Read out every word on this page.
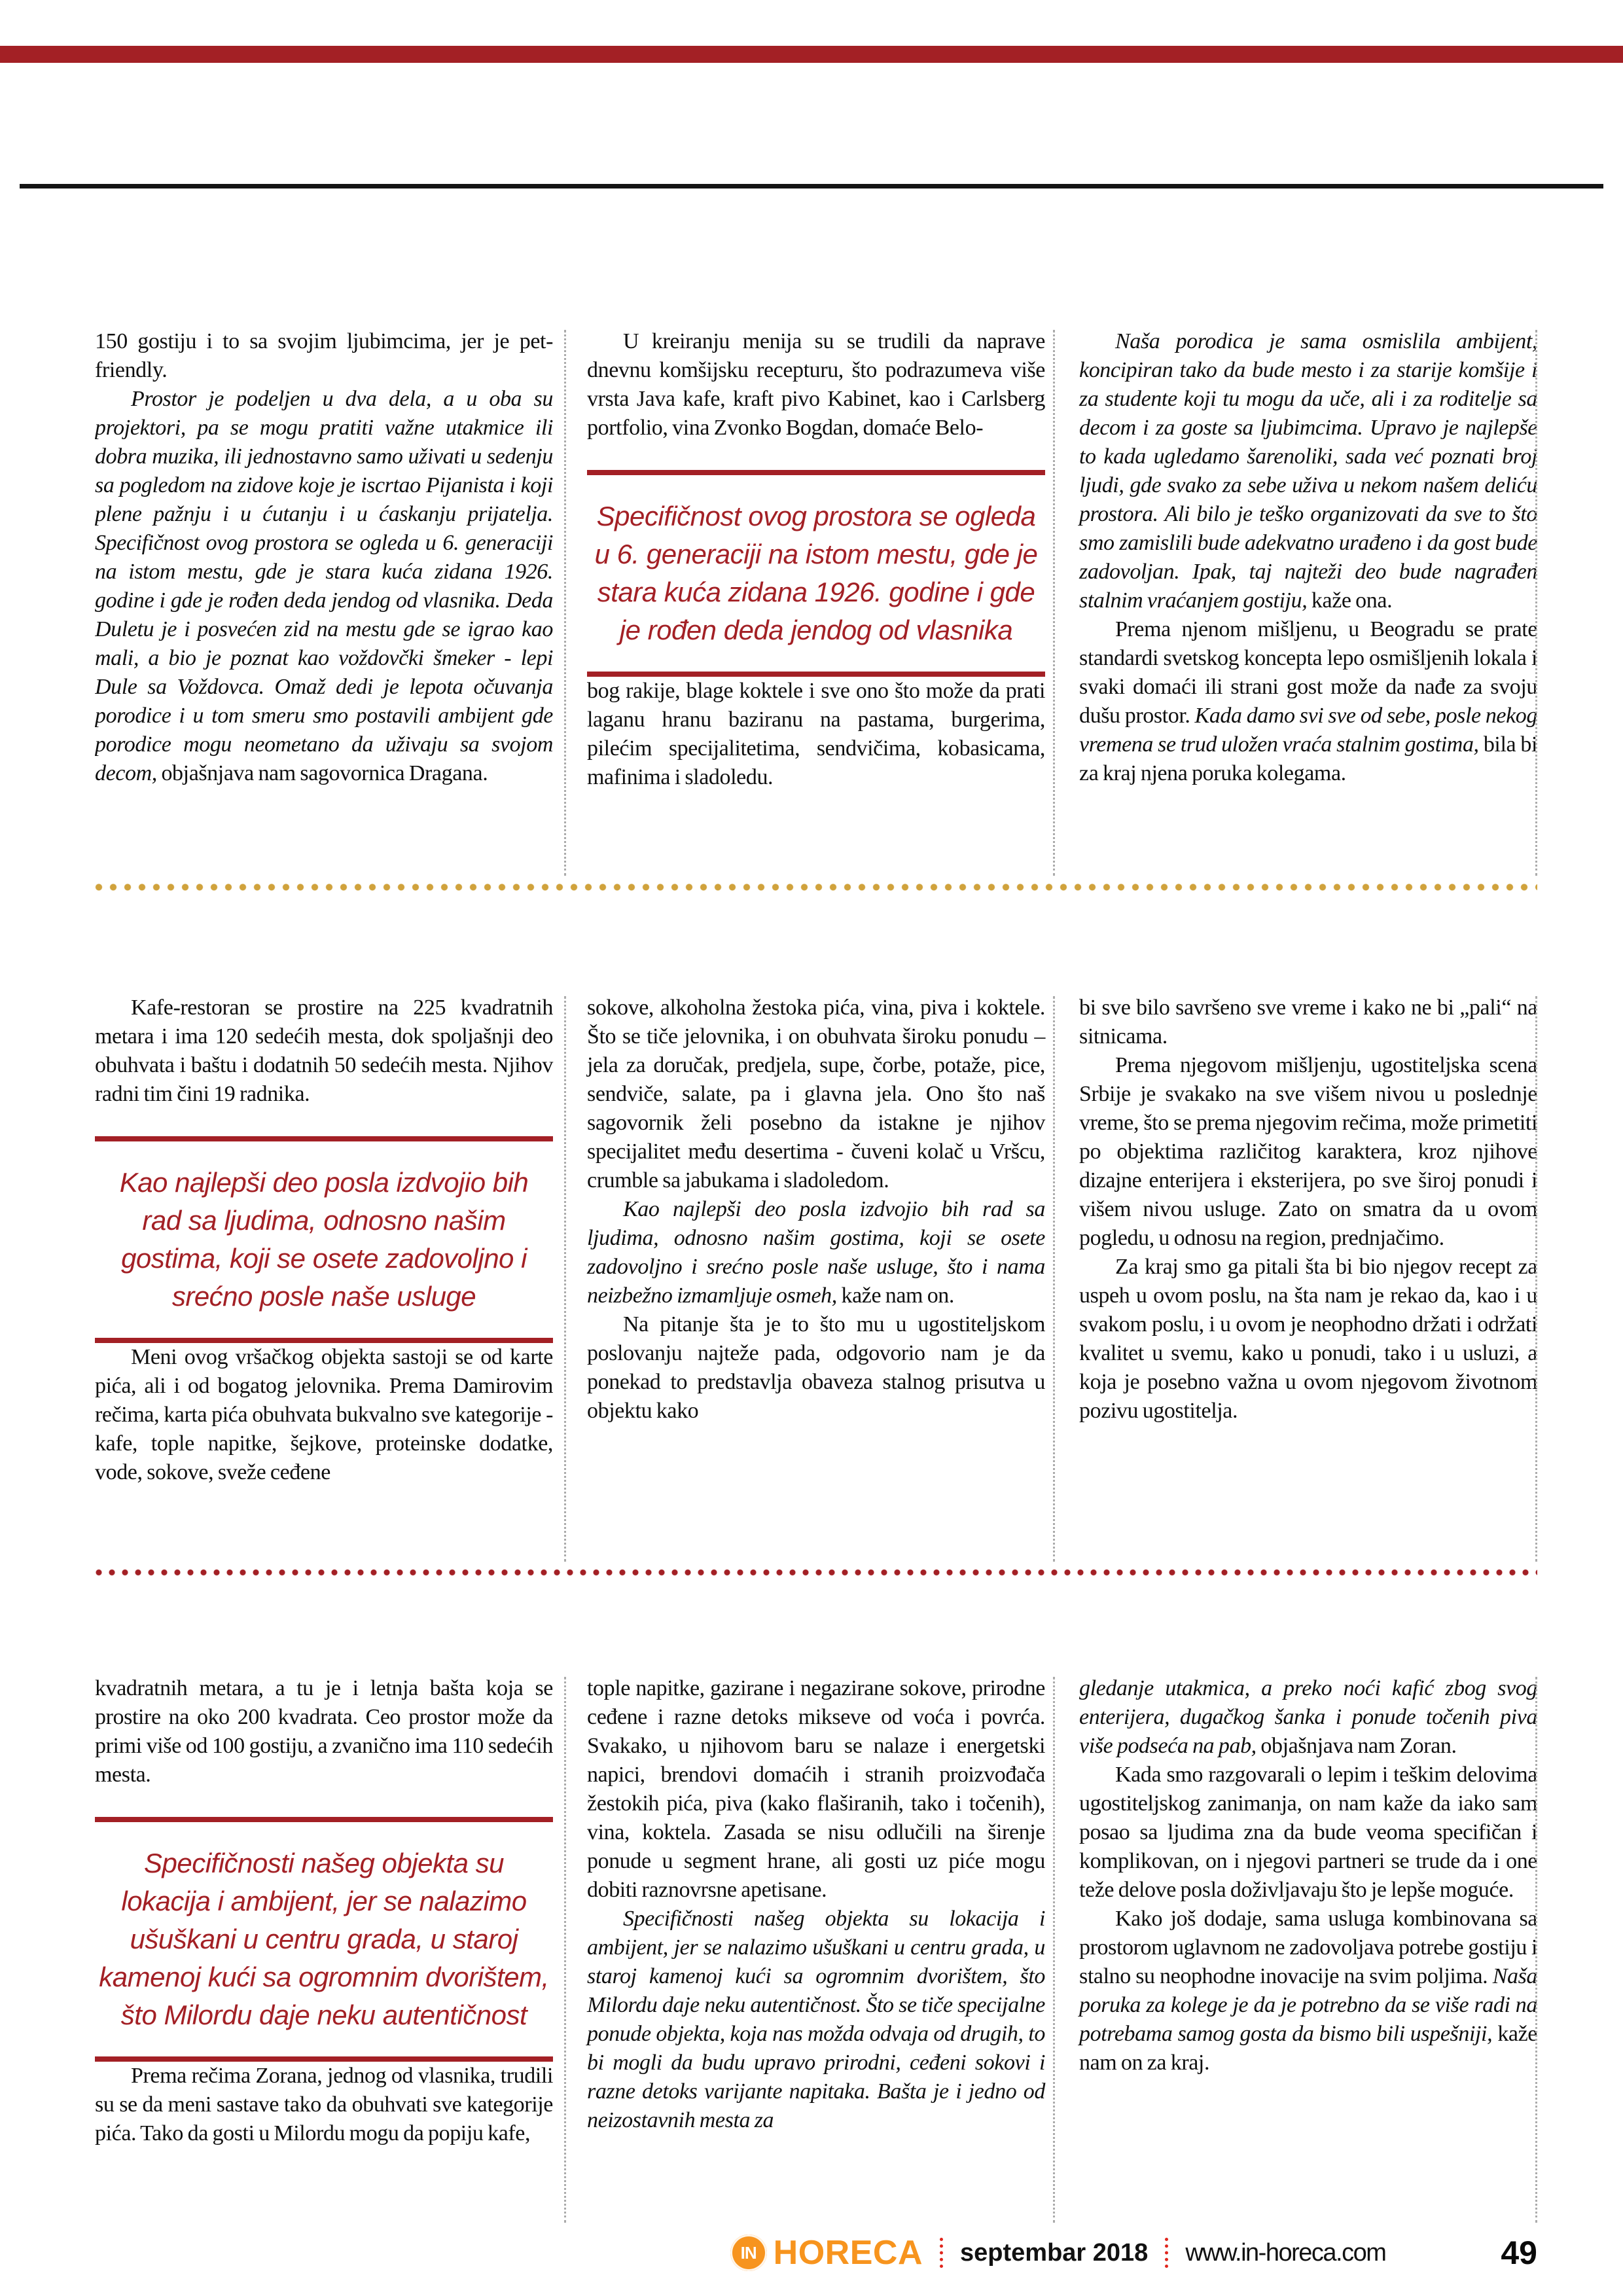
150 gostiju i to sa svojim ljubimcima, jer je pet-friendly.

Prostor je podeljen u dva dela, a u oba su projektori, pa se mogu pratiti važne utakmice ili dobra muzika, ili jednostavno samo uživati u sedenju sa pogledom na zidove koje je iscrtao Pijanista i koji plene pažnju i u ćutanju i u ćaskanju prijatelja. Specifičnost ovog prostora se ogleda u 6. generaciji na istom mestu, gde je stara kuća zidana 1926. godine i gde je rođen deda jendog od vlasnika. Deda Duletu je i posvećen zid na mestu gde se igrao kao mali, a bio je poznat kao voždovčki šmeker - lepi Dule sa Voždovca. Omaž dedi je lepota očuvanja porodice i u tom smeru smo postavili ambijent gde porodice mogu neometano da uživaju sa svojom decom, objašnjava nam sagovornica Dragana.

U kreiranju menija su se trudili da naprave dnevnu komšijsku recepturu, što podrazumeva više vrsta Java kafe, kraft pivo Kabinet, kao i Carlsberg portfolio, vina Zvonko Bogdan, domaće Belo-

Specifičnost ovog prostora se ogleda u 6. generaciji na istom mestu, gde je stara kuća zidana 1926. godine i gde je rođen deda jendog od vlasnika

bog rakije, blage koktele i sve ono što može da prati laganu hranu baziranu na pastama, burgerima, pilećim specijalitetima, sendvičima, kobasicama, mafinima i sladoledu.

Naša porodica je sama osmislila ambijent, koncipiran tako da bude mesto i za starije komšije i za studente koji tu mogu da uče, ali i za roditelje sa decom i za goste sa ljubimcima. Upravo je najlepše to kada ugledamo šarenoliki, sada već poznati broj ljudi, gde svako za sebe uživa u nekom našem deliću prostora. Ali bilo je teško organizovati da sve to što smo zamislili bude adekvatno urađeno i da gost bude zadovoljan. Ipak, taj najteži deo bude nagrađen stalnim vraćanjem gostiju, kaže ona.

Prema njenom mišljenu, u Beogradu se prate standardi svetskog koncepta lepo osmišljenih lokala i svaki domaći ili strani gost može da nađe za svoju dušu prostor. Kada damo svi sve od sebe, posle nekog vremena se trud uložen vraća stalnim gostima, bila bi za kraj njena poruka kolegama.

Kafe-restoran se prostire na 225 kvadratnih metara i ima 120 sedećih mesta, dok spoljašnji deo obuhvata i baštu i dodatnih 50 sedećih mesta. Njihov radni tim čini 19 radnika.

Kao najlepši deo posla izdvojio bih rad sa ljudima, odnosno našim gostima, koji se osete zadovoljno i srećno posle naše usluge

Meni ovog vršačkog objekta sastoji se od karte pića, ali i od bogatog jelovnika. Prema Damirovim rečima, karta pića obuhvata bukvalno sve kategorije - kafe, tople napitke, šejkove, proteinske dodatke, vode, sokove, sveže ceđene

sokove, alkoholna žestoka pića, vina, piva i koktele. Što se tiče jelovnika, i on obuhvata široku ponudu – jela za doručak, predjela, supe, čorbe, potaže, pice, sendviče, salate, pa i glavna jela. Ono što naš sagovornik želi posebno da istakne je njihov specijalitet među desertima - čuveni kolač u Vršcu, crumble sa jabukama i sladoledom.

Kao najlepši deo posla izdvojio bih rad sa ljudima, odnosno našim gostima, koji se osete zadovoljno i srećno posle naše usluge, što i nama neizbežno izmamljuje osmeh, kaže nam on.

Na pitanje šta je to što mu u ugostiteljskom poslovanju najteže pada, odgovorio nam je da ponekad to predstavlja obaveza stalnog prisutva u objektu kako

bi sve bilo savršeno sve vreme i kako ne bi „pali“ na sitnicama.

Prema njegovom mišljenju, ugostiteljska scena Srbije je svakako na sve višem nivou u poslednje vreme, što se prema njegovim rečima, može primetiti po objektima različitog karaktera, kroz njihove dizajne enterijera i eksterijera, po sve široj ponudi i višem nivou usluge. Zato on smatra da u ovom pogledu, u odnosu na region, prednjačimo.

Za kraj smo ga pitali šta bi bio njegov recept za uspeh u ovom poslu, na šta nam je rekao da, kao i u svakom poslu, i u ovom je neophodno držati i održati kvalitet u svemu, kako u ponudi, tako i u usluzi, a koja je posebno važna u ovom njegovom životnom pozivu ugostitelja.

kvadratnih metara, a tu je i letnja bašta koja se prostire na oko 200 kvadrata. Ceo prostor može da primi više od 100 gostiju, a zvanično ima 110 sedećih mesta.

Specifičnosti našeg objekta su lokacija i ambijent, jer se nalazimo ušuškani u centru grada, u staroj kamenoj kući sa ogromnim dvorištem, što Milordu daje neku autentičnost

Prema rečima Zorana, jednog od vlasnika, trudili su se da meni sastave tako da obuhvati sve kategorije pića. Tako da gosti u Milordu mogu da popiju kafe,

tople napitke, gazirane i negazirane sokove, prirodne ceđene i razne detoks mikseve od voća i povrća. Svakako, u njihovom baru se nalaze i energetski napici, brendovi domaćih i stranih proizvođača žestokih pića, piva (kako flaširanih, tako i točenih), vina, koktela. Zasada se nisu odlučili na širenje ponude u segment hrane, ali gosti uz piće mogu dobiti raznovrsne apetisane.

Specifičnosti našeg objekta su lokacija i ambijent, jer se nalazimo ušuškani u centru grada, u staroj kamenoj kući sa ogromnim dvorištem, što Milordu daje neku autentičnost. Što se tiče specijalne ponude objekta, koja nas možda odvaja od drugih, to bi mogli da budu upravo prirodni, ceđeni sokovi i razne detoks varijante napitaka. Bašta je i jedno od neizostavnih mesta za

gledanje utakmica, a preko noći kafić zbog svog enterijera, dugačkog šanka i ponude točenih piva više podseća na pab, objašnjava nam Zoran.

Kada smo razgovarali o lepim i teškim delovima ugostiteljskog zanimanja, on nam kaže da iako sam posao sa ljudima zna da bude veoma specifičan i komplikovan, on i njegovi partneri se trude da i one teže delove posla doživljavaju što je lepše moguće.

Kako još dodaje, sama usluga kombinovana sa prostorom uglavnom ne zadovoljava potrebe gostiju i stalno su neophodne inovacije na svim poljima. Naša poruka za kolege je da je potrebno da se više radi na potrebama samog gosta da bismo bili uspešniji, kaže nam on za kraj.

IN HORECA septembar 2018 www.in-horeca.com	49
